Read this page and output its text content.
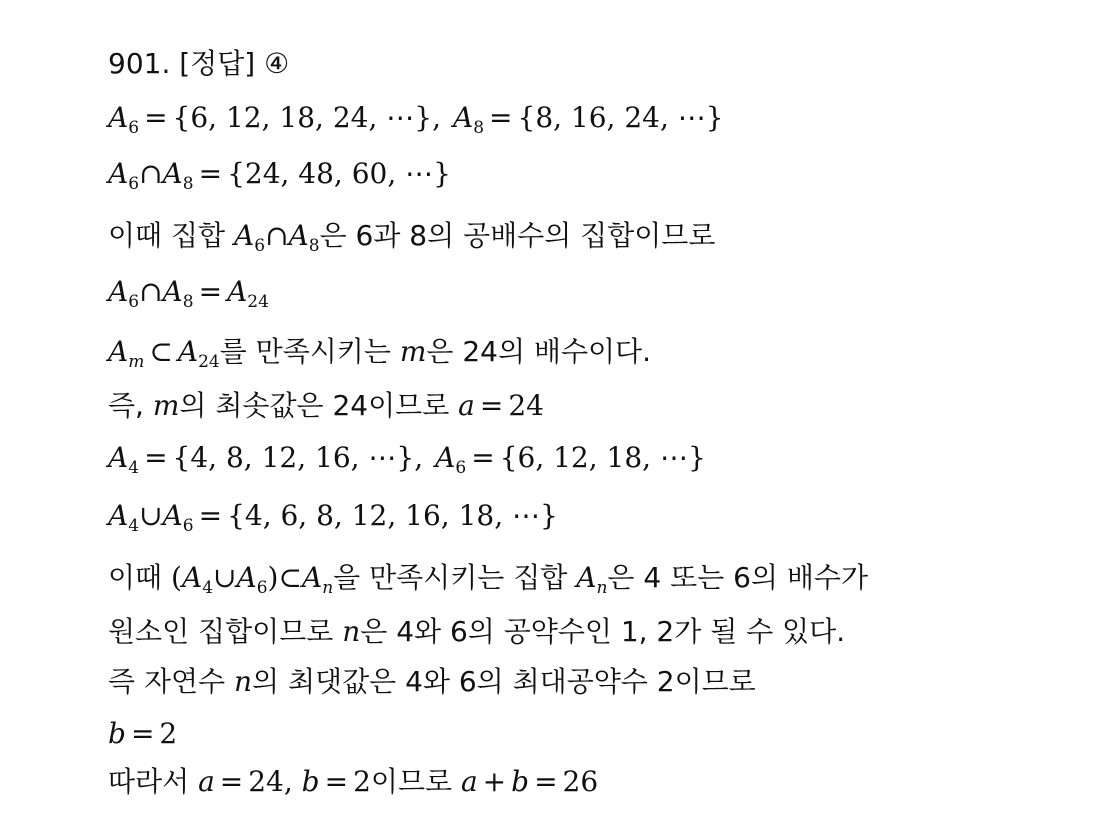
901. [정답] ④
$A_6 = \{6$, 12, 18, 24, ⋯}, $A_8 = \{8$, 16, 24, ⋯}
$A_6\cap A_8 = \{24$, 48, 60, ⋯}
이때 집합 $A_6\cap A_8$은 6과 8의 공배수의 집합이므로
$A_6\cap A_8 = A_{24}$
$A_m$ ⊂ $A_{24}$를 만족시키는 m은 24의 배수이다.
즉, m의 최솟값은 24이므로 a = 24
$A_4 = \{4$, 8, 12, 16, ⋯}, $A_6 = \{6$, 12, 18, ⋯}
$A_4\cup A_6 = \{4$, 6, 8, 12, 16, 18, ⋯}
이때 $(A_4\cup A_6)\subset A_n$을 만족시키는 집합 $A_n$은 4 또는 6의 배수가
원소인 집합이므로 n은 4와 6의 공약수인 1, 2가 될 수 있다.
즉 자연수 n의 최댓값은 4와 6의 최대공약수 2이므로
b = 2
따라서 a = 24, b = 2이므로 a + b = 26
